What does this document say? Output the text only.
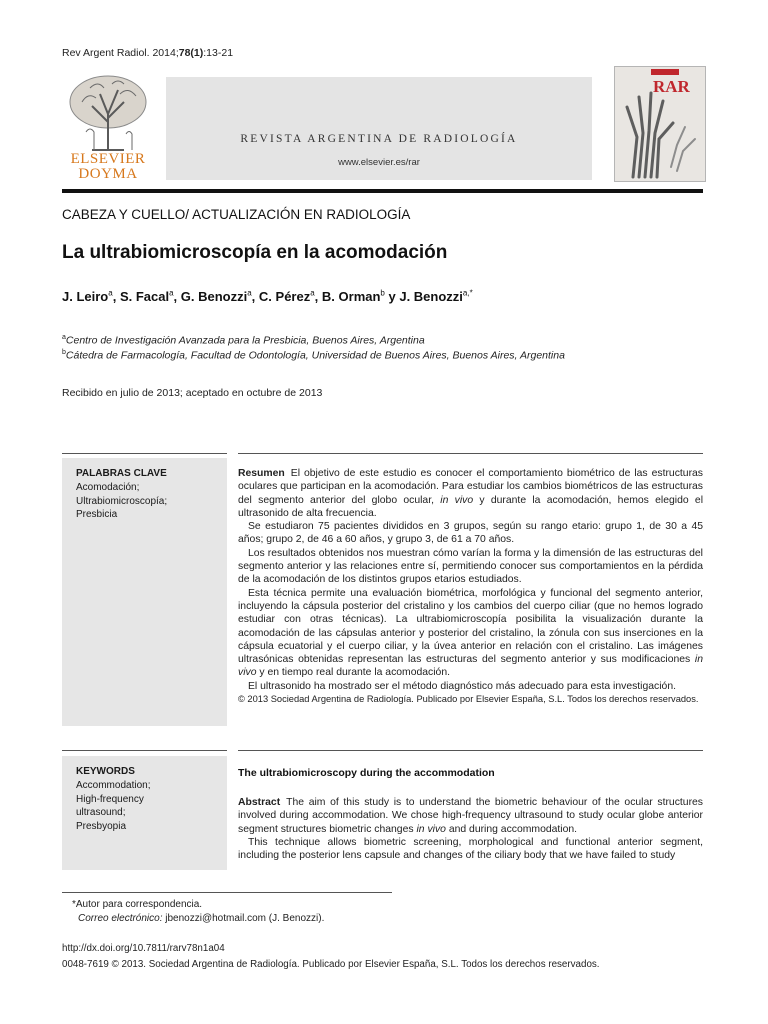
Rev Argent Radiol. 2014;78(1):13-21
ELSEVIER
DOYMA
REVISTA ARGENTINA DE RADIOLOGÍA
www.elsevier.es/rar
RAR
CABEZA Y CUELLO/ ACTUALIZACIÓN EN RADIOLOGÍA
La ultrabiomicroscopía en la acomodación
J. Leiro$^a$, S. Facal$^a$, G. Benozzi$^a$, C. Pérez$^a$, B. Orman$^b$ y J. Benozzi$^{a,*}$
$^a$Centro de Investigación Avanzada para la Presbicia, Buenos Aires, Argentina
$^b$Cátedra de Farmacología, Facultad de Odontología, Universidad de Buenos Aires, Buenos Aires, Argentina
Recibido en julio de 2013; aceptado en octubre de 2013
PALABRAS CLAVE
Acomodación;
Ultrabiomicroscopía;
Presbicia

Resumen El objetivo de este estudio es conocer el comportamiento biométrico de las estructuras oculares que participan en la acomodación. Para estudiar los cambios biométricos de las estructuras del segmento anterior del globo ocular, in vivo y durante la acomodación, hemos elegido el ultrasonido de alta frecuencia.

Se estudiaron 75 pacientes divididos en 3 grupos, según su rango etario: grupo 1, de 30 a 45 años; grupo 2, de 46 a 60 años, y grupo 3, de 61 a 70 años.

Los resultados obtenidos nos muestran cómo varían la forma y la dimensión de las estructuras del segmento anterior y las relaciones entre sí, permitiendo conocer sus comportamientos en la pérdida de la acomodación de los distintos grupos etarios estudiados.

Esta técnica permite una evaluación biométrica, morfológica y funcional del segmento anterior, incluyendo la cápsula posterior del cristalino y los cambios del cuerpo ciliar (que no hemos logrado estudiar con otras técnicas). La ultrabiomicroscopía posibilita la visualización durante la acomodación de las cápsulas anterior y posterior del cristalino, la zónula con sus inserciones en la cápsula ecuatorial y el cuerpo ciliar, y la úvea anterior en relación con el cristalino. Las imágenes ultrasónicas obtenidas representan las estructuras del segmento anterior y sus modificaciones in vivo y en tiempo real durante la acomodación.

El ultrasonido ha mostrado ser el método diagnóstico más adecuado para esta investigación.

© 2013 Sociedad Argentina de Radiología. Publicado por Elsevier España, S.L. Todos los derechos reservados.

KEYWORDS
Accommodation;
High-frequency
ultrasound;
Presbyopia
The ultrabiomicroscopy during the accommodation

Abstract The aim of this study is to understand the biometric behaviour of the ocular structures involved during accommodation. We chose high-frequency ultrasound to study ocular globe anterior segment structures biometric changes in vivo and during accommodation.

This technique allows biometric screening, morphological and functional anterior segment, including the posterior lens capsule and changes of the ciliary body that we have failed to study

*Autor para correspondencia.
Correo electrónico: jbenozzi@hotmail.com (J. Benozzi).
http://dx.doi.org/10.7811/rarv78n1a04
0048-7619 © 2013. Sociedad Argentina de Radiología. Publicado por Elsevier España, S.L. Todos los derechos reservados.
